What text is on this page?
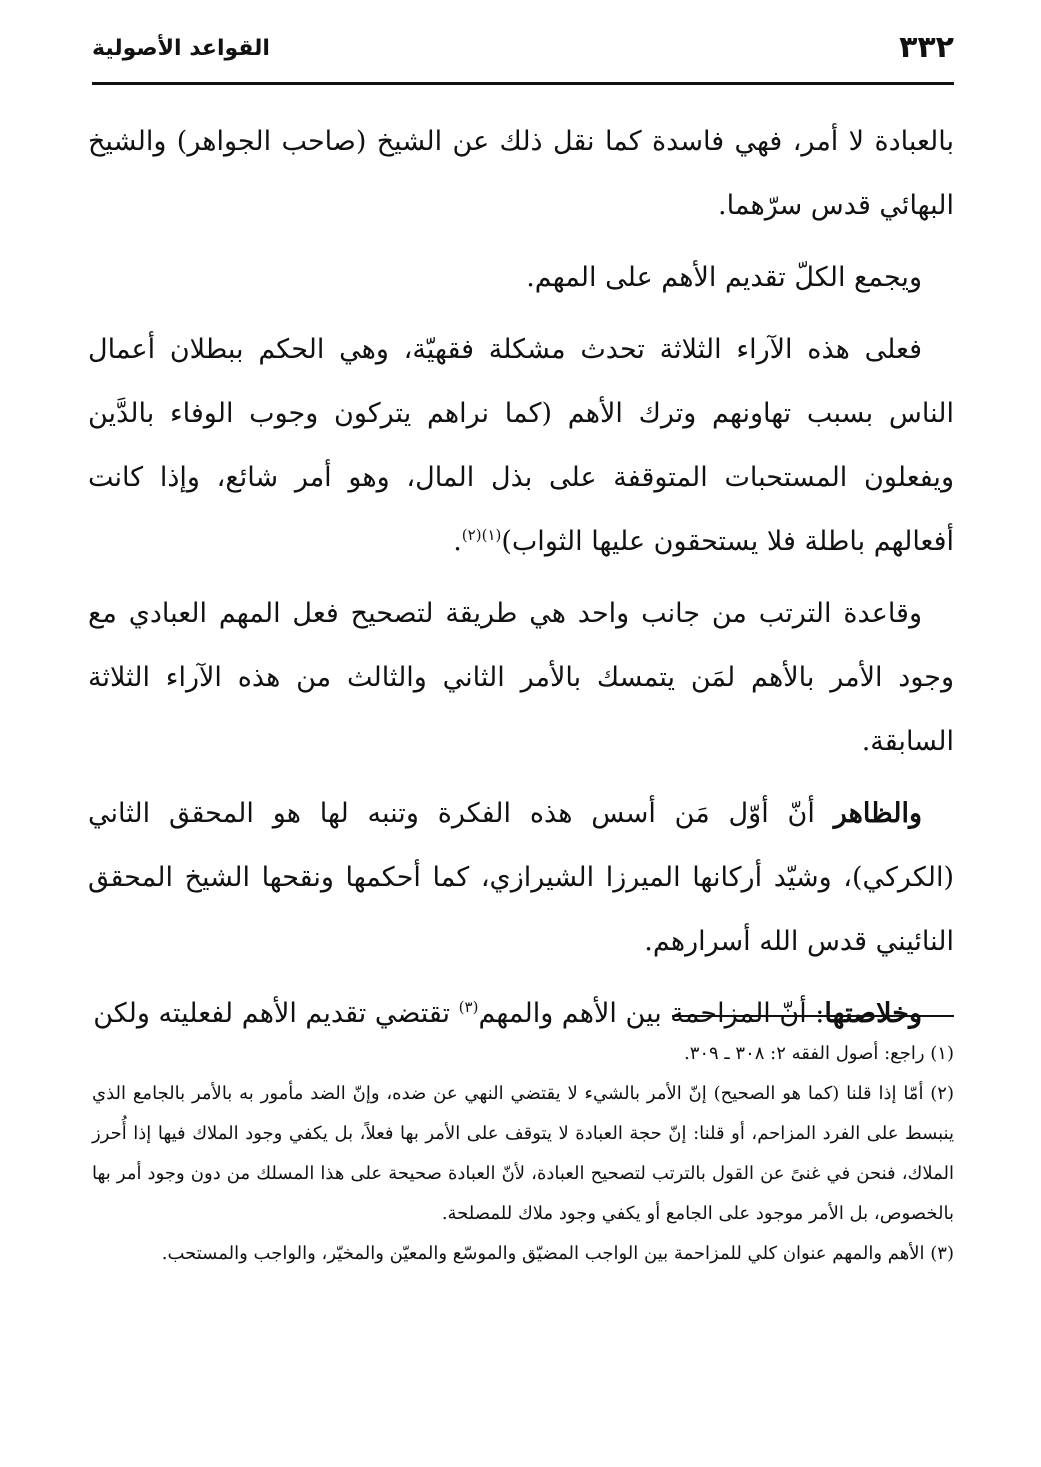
٣٣٢
القواعد الأصولية

بالعبادة لا أمر، فهي فاسدة كما نقل ذلك عن الشيخ (صاحب الجواهر) والشيخ البهائي قدس سرّهما.

ويجمع الكلّ تقديم الأهم على المهم.

فعلى هذه الآراء الثلاثة تحدث مشكلة فقهيّة، وهي الحكم ببطلان أعمال الناس بسبب تهاونهم وترك الأهم (كما نراهم يتركون وجوب الوفاء بالدَّين ويفعلون المستحبات المتوقفة على بذل المال، وهو أمر شائع، وإذا كانت أفعالهم باطلة فلا يستحقون عليها الثواب)$^{(١)(٢)}$.

وقاعدة الترتب من جانب واحد هي طريقة لتصحيح فعل المهم العبادي مع وجود الأمر بالأهم لمَن يتمسك بالأمر الثاني والثالث من هذه الآراء الثلاثة السابقة.

والظاهر أنّ أوّل مَن أسس هذه الفكرة وتنبه لها هو المحقق الثاني (الكركي)، وشيّد أركانها الميرزا الشيرازي، كما أحكمها ونقحها الشيخ المحقق النائيني قدس الله أسرارهم.

وخلاصتها: أنّ المزاحمة بين الأهم والمهم$^{(٣)}$ تقتضي تقديم الأهم لفعليته ولكن

(١) راجع: أصول الفقه ٢: ٣٠٨ ـ ٣٠٩.

(٢) أمّا إذا قلنا (كما هو الصحيح) إنّ الأمر بالشيء لا يقتضي النهي عن ضده، وإنّ الضد مأمور به بالأمر بالجامع الذي ينبسط على الفرد المزاحم، أو قلنا: إنّ حجة العبادة لا يتوقف على الأمر بها فعلاً، بل يكفي وجود الملاك فيها إذا أُحرز الملاك، فنحن في غنىً عن القول بالترتب لتصحيح العبادة، لأنّ العبادة صحيحة على هذا المسلك من دون وجود أمر بها بالخصوص، بل الأمر موجود على الجامع أو يكفي وجود ملاك للمصلحة.

(٣) الأهم والمهم عنوان كلي للمزاحمة بين الواجب المضيّق والموسّع والمعيّن والمخيّر، والواجب والمستحب.
